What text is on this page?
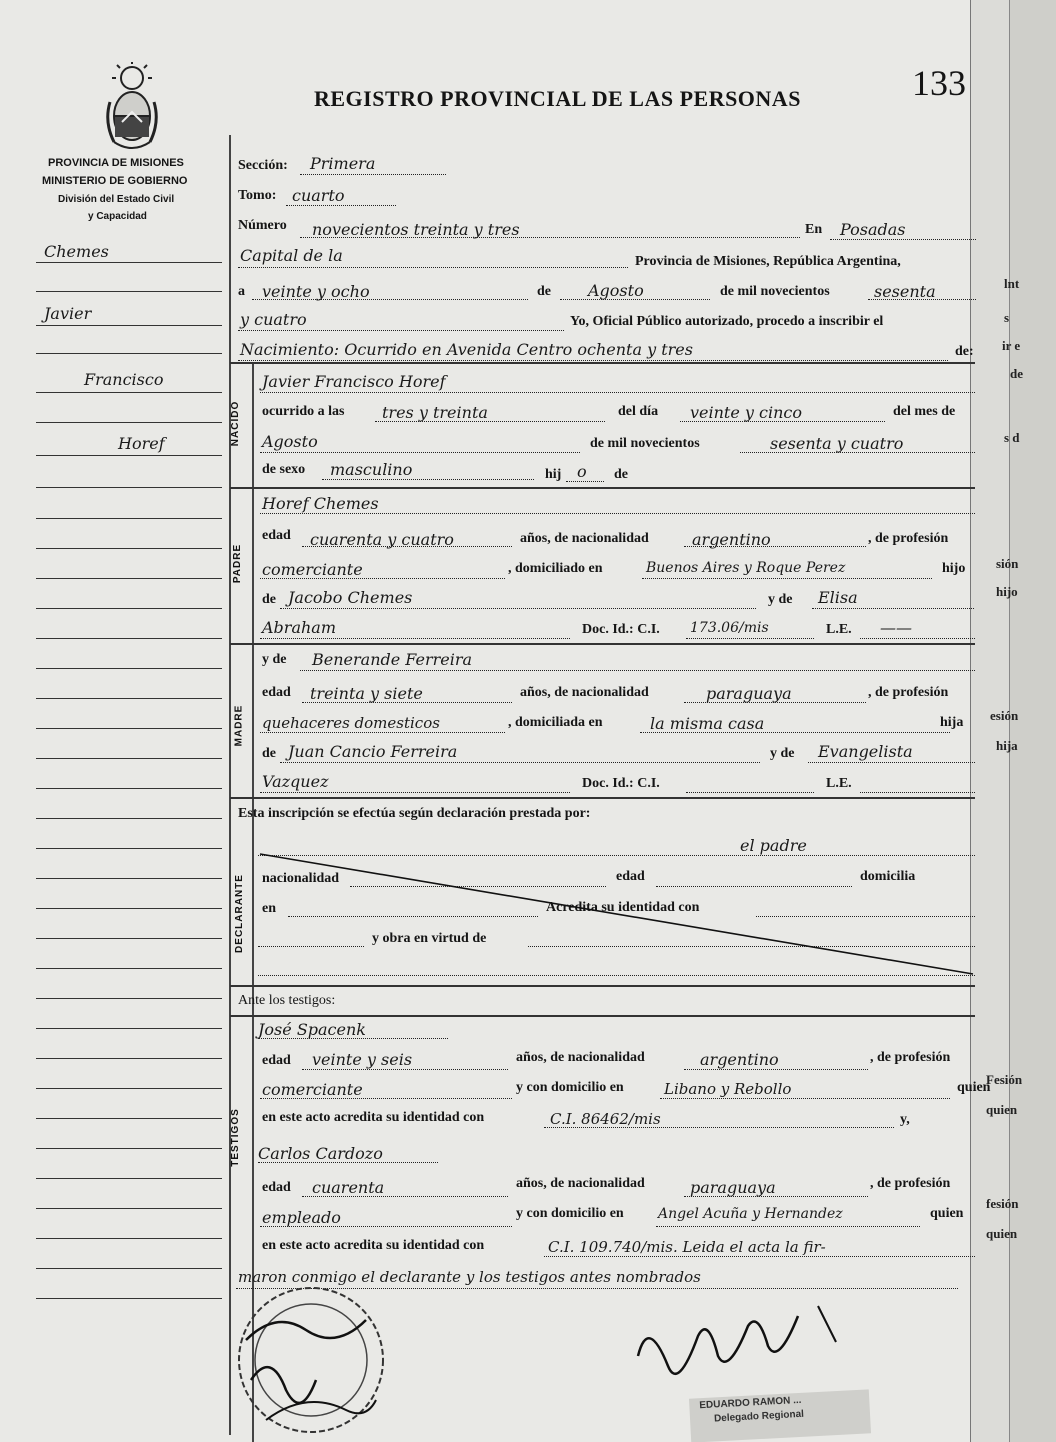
lnt
s
ir e
de
s d
sión
hijo
esión
hija
Fesión
quien
fesión
quien
PROVINCIA DE MISIONES
MINISTERIO DE GOBIERNO
División del Estado Civil
y Capacidad
REGISTRO PROVINCIAL DE LAS PERSONAS	133
Chemes
Javier
Francisco
Horef	NACIDO
PADRE
MADRE
DECLARANTE
TESTIGOS
Sección: Primera
Tomo: cuarto
Número novecientos treinta y tres	En Posadas
Capital de la	Provincia de Misiones, República Argentina,
a veinte y ocho	de Agosto	de mil novecientos	sesenta
y cuatro	Yo, Oficial Público autorizado, procedo a inscribir el
Nacimiento: Ocurrido en Avenida Centro ochenta y tres	de:
Javier Francisco Horef
ocurrido a las tres y treinta	del día veinte y cinco	del mes de
Agosto	de mil novecientos	sesenta y cuatro
de sexo masculino	hij o de
Horef Chemes
edad cuarenta y cuatro	años, de nacionalidad	argentino	, de profesión
comerciante	, domiciliado en	Buenos Aires y Roque Perez	hijo
de Jacobo Chemes	y de Elisa
Abraham	Doc. Id.: C.I. 173.06/mis	L.E. ——
y de Benerande Ferreira
edad treinta y siete	años, de nacionalidad	paraguaya	, de profesión
quehaceres domesticos	, domiciliada en	la misma casa	hija
de Juan Cancio Ferreira	y de Evangelista
Vazquez	Doc. Id.: C.I.	L.E.
Esta inscripción se efectúa según declaración prestada por:
el padre
nacionalidad	edad	domicilia
en	Acredita su identidad con
y obra en virtud de
Ante los testigos:
José Spacenk
edad veinte y seis	años, de nacionalidad	argentino	, de profesión
comerciante	y con domicilio en	Libano y Rebollo	quien
en este acto acredita su identidad con	C.I. 86462/mis	y,
Carlos Cardozo
edad cuarenta	años, de nacionalidad	paraguaya	, de profesión
empleado	y con domicilio en Angel Acuña y Hernandez	quien
en este acto acredita su identidad con	C.I. 109.740/mis. Leida el acta la fir-
maron conmigo el declarante y los testigos antes nombrados
EDUARDO RAMON ...
Delegado Regional
